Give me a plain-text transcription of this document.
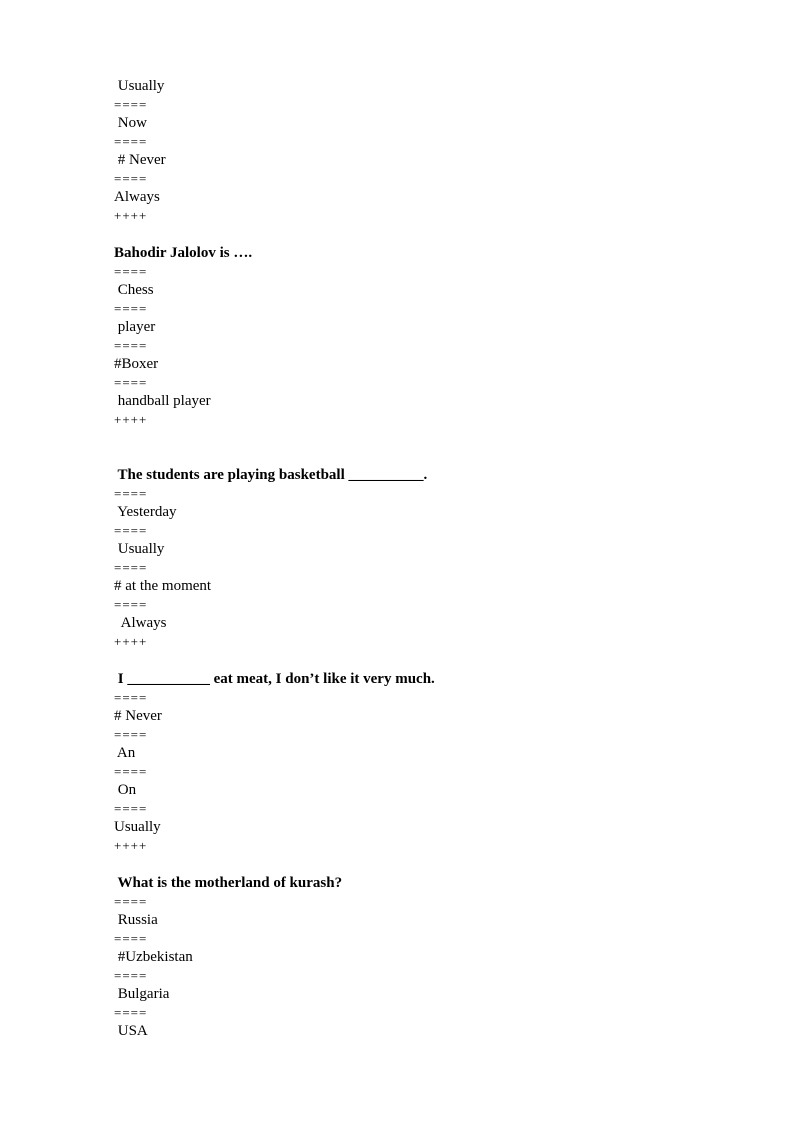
Usually
====
Now
====
# Never
====
Always
++++
Bahodir Jalolov is ….
====
Chess
====
player
====
#Boxer
====
handball player
++++
The students are playing basketball __________.
====
Yesterday
====
Usually
====
# at the moment
====
Always
++++
I ___________ eat meat, I don’t like it very much.
====
# Never
====
An
====
On
====
Usually
++++
What is the motherland of kurash?
====
Russia
====
#Uzbekistan
====
Bulgaria
====
USA
